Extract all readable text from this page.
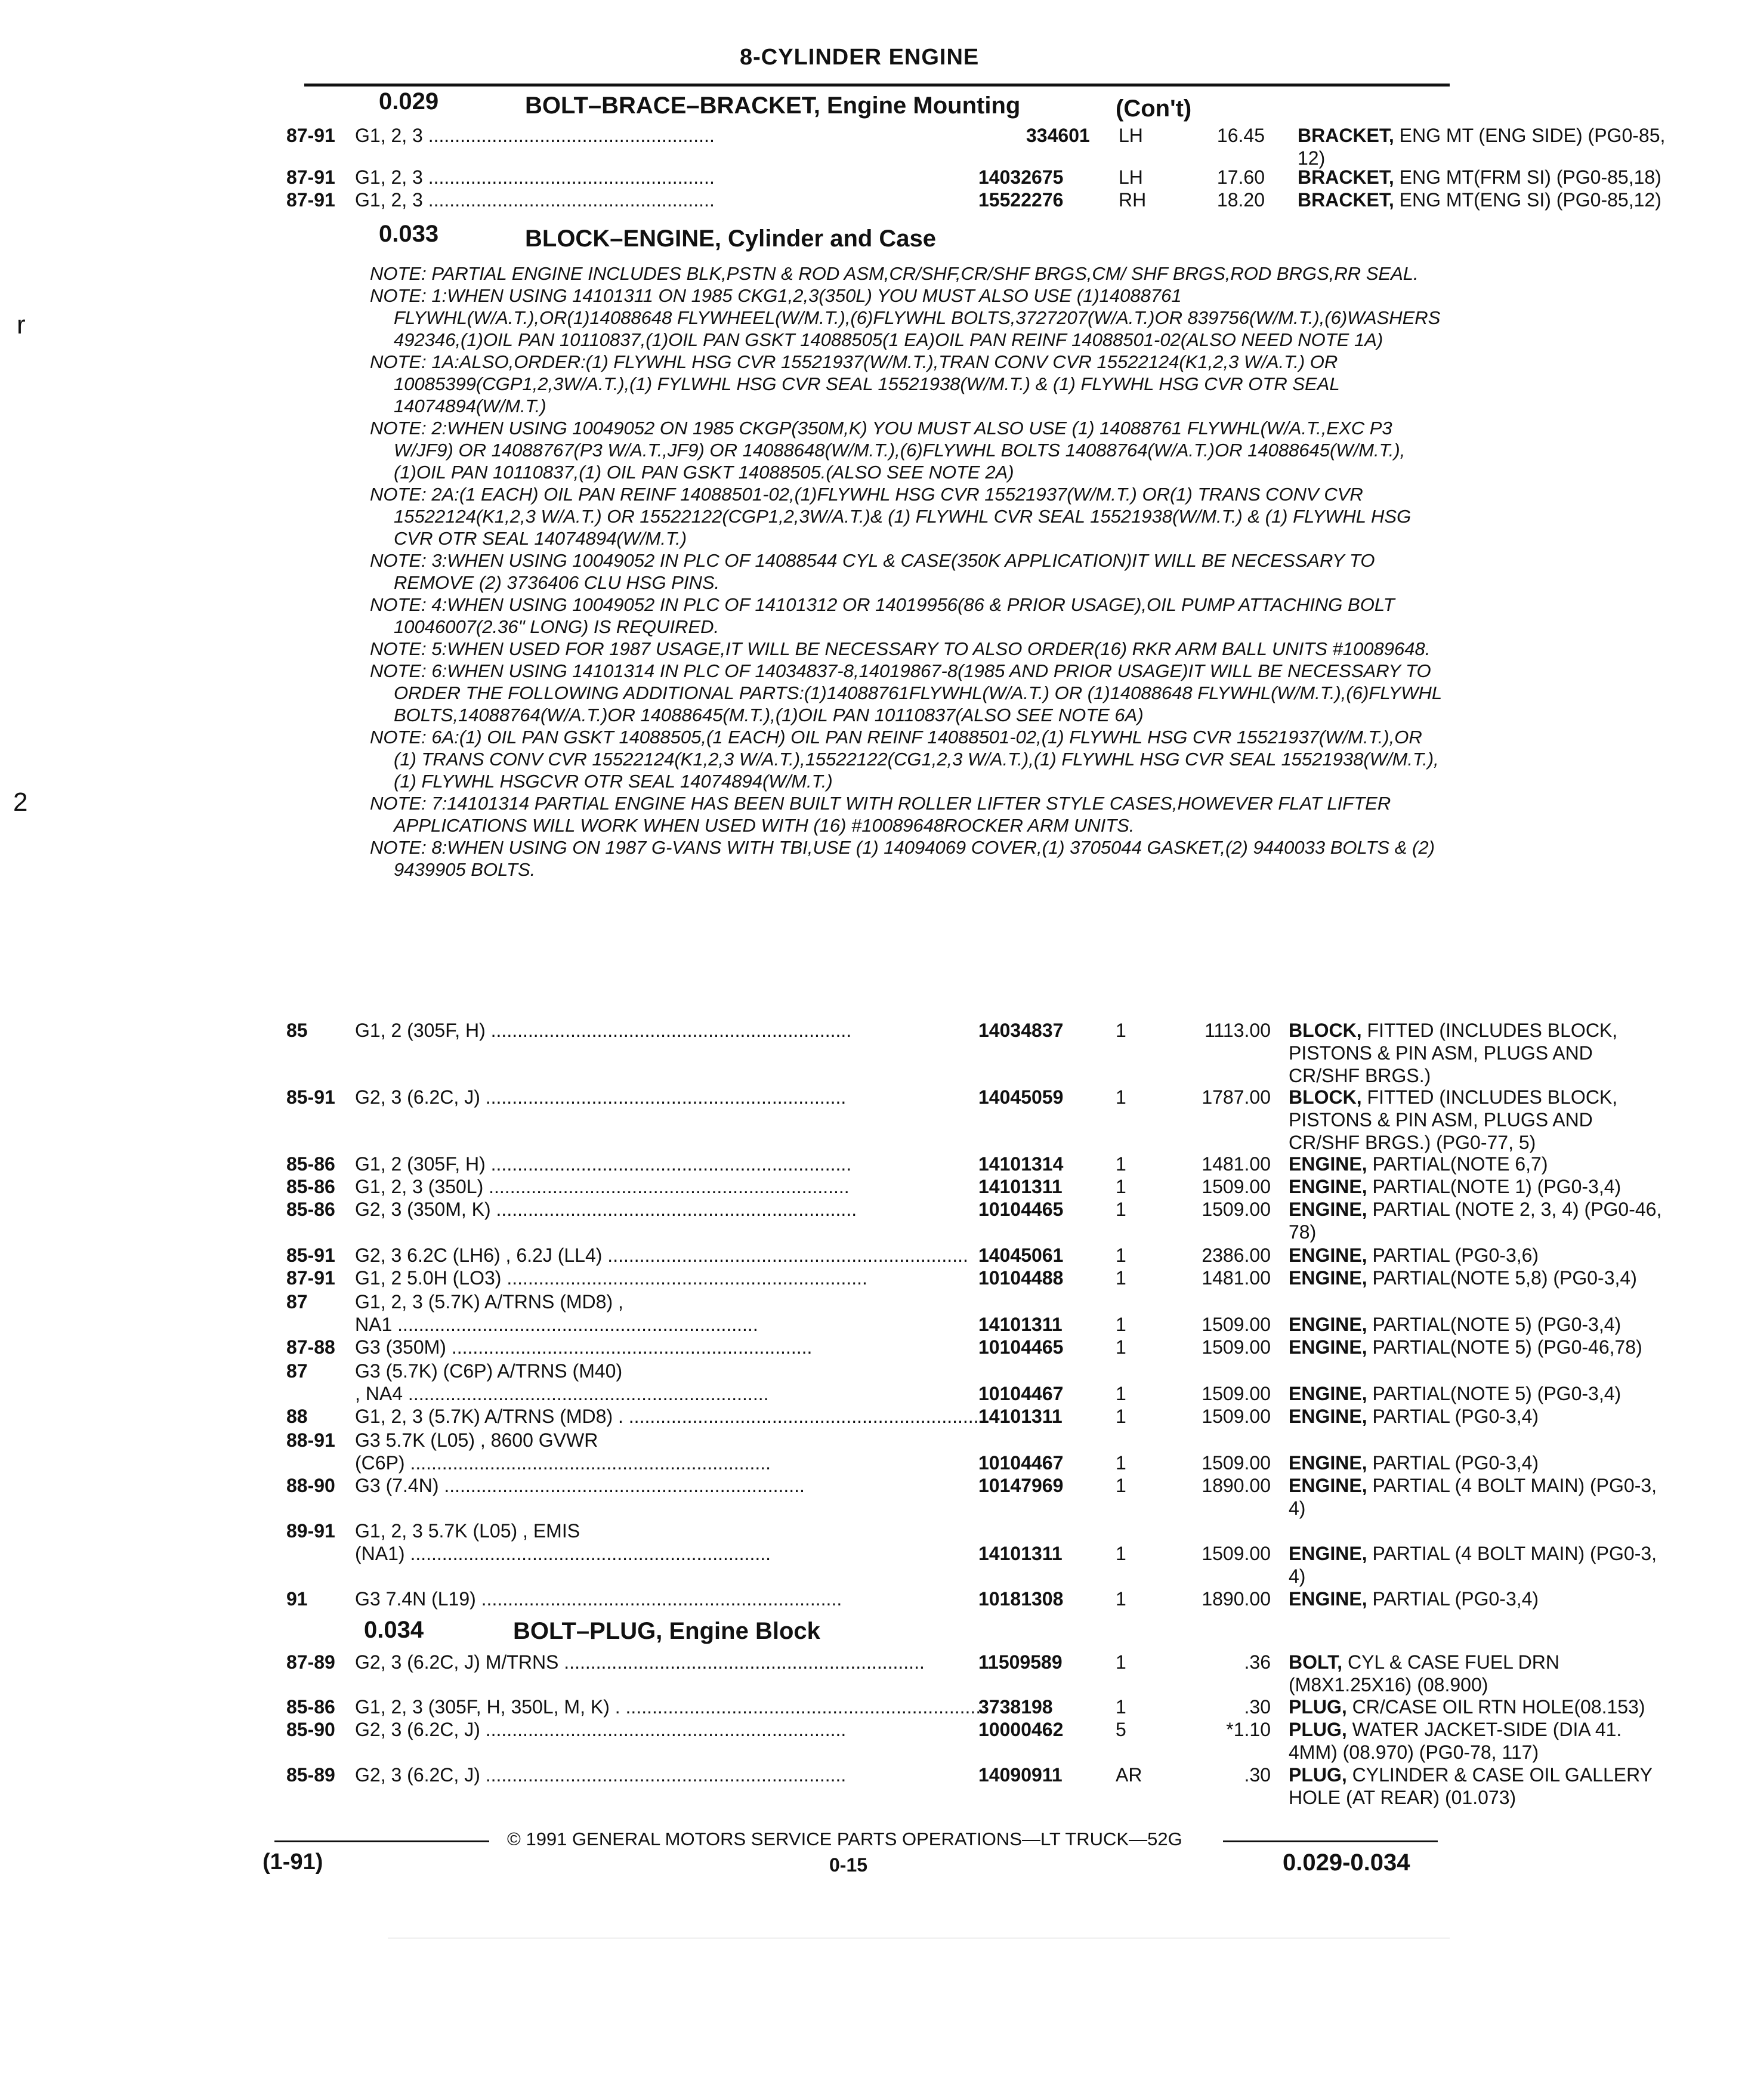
8-CYLINDER ENGINE
r
2
0.029	BOLT–BRACE–BRACKET, Engine Mounting	(Con't)
87-91 G1, 2, 3 ......................................................	334601 LH	16.45 BRACKET, ENG MT (ENG SIDE) (PG0-85,
12)
87-91 G1, 2, 3 ......................................................	14032675	LH	17.60 BRACKET, ENG MT(FRM SI) (PG0-85,18)
87-91 G1, 2, 3 ......................................................	15522276	RH	18.20 BRACKET, ENG MT(ENG SI) (PG0-85,12)
0.033	BLOCK–ENGINE, Cylinder and Case
NOTE: PARTIAL ENGINE INCLUDES BLK,PSTN & ROD ASM,CR/SHF,CR/SHF BRGS,CM/ SHF BRGS,ROD BRGS,RR SEAL.
NOTE: 1:WHEN USING 14101311 ON 1985 CKG1,2,3(350L) YOU MUST ALSO USE (1)14088761 FLYWHL(W/A.T.),OR(1)14088648 FLYWHEEL(W/M.T.),(6)FLYWHL BOLTS,3727207(W/A.T.)OR 839756(W/M.T.),(6)WASHERS 492346,(1)OIL PAN 10110837,(1)OIL PAN GSKT 14088505(1 EA)OIL PAN REINF 14088501-02(ALSO NEED NOTE 1A)
NOTE: 1A:ALSO,ORDER:(1) FLYWHL HSG CVR 15521937(W/M.T.),TRAN CONV CVR 15522124(K1,2,3 W/A.T.) OR 10085399(CGP1,2,3W/A.T.),(1) FYLWHL HSG CVR SEAL 15521938(W/M.T.) & (1) FLYWHL HSG CVR OTR SEAL 14074894(W/M.T.)
NOTE: 2:WHEN USING 10049052 ON 1985 CKGP(350M,K) YOU MUST ALSO USE (1) 14088761 FLYWHL(W/A.T.,EXC P3 W/JF9) OR 14088767(P3 W/A.T.,JF9) OR 14088648(W/M.T.),(6)FLYWHL BOLTS 14088764(W/A.T.)OR 14088645(W/M.T.),(1)OIL PAN 10110837,(1) OIL PAN GSKT 14088505.(ALSO SEE NOTE 2A)
NOTE: 2A:(1 EACH) OIL PAN REINF 14088501-02,(1)FLYWHL HSG CVR 15521937(W/M.T.) OR(1) TRANS CONV CVR 15522124(K1,2,3 W/A.T.) OR 15522122(CGP1,2,3W/A.T.)& (1) FLYWHL CVR SEAL 15521938(W/M.T.) & (1) FLYWHL HSG CVR OTR SEAL 14074894(W/M.T.)
NOTE: 3:WHEN USING 10049052 IN PLC OF 14088544 CYL & CASE(350K APPLICATION)IT WILL BE NECESSARY TO REMOVE (2) 3736406 CLU HSG PINS.
NOTE: 4:WHEN USING 10049052 IN PLC OF 14101312 OR 14019956(86 & PRIOR USAGE),OIL PUMP ATTACHING BOLT 10046007(2.36" LONG) IS REQUIRED.
NOTE: 5:WHEN USED FOR 1987 USAGE,IT WILL BE NECESSARY TO ALSO ORDER(16) RKR ARM BALL UNITS #10089648.
NOTE: 6:WHEN USING 14101314 IN PLC OF 14034837-8,14019867-8(1985 AND PRIOR USAGE)IT WILL BE NECESSARY TO ORDER THE FOLLOWING ADDITIONAL PARTS:(1)14088761FLYWHL(W/A.T.) OR (1)14088648 FLYWHL(W/M.T.),(6)FLYWHL BOLTS,14088764(W/A.T.)OR 14088645(M.T.),(1)OIL PAN 10110837(ALSO SEE NOTE 6A)
NOTE: 6A:(1) OIL PAN GSKT 14088505,(1 EACH) OIL PAN REINF 14088501-02,(1) FLYWHL HSG CVR 15521937(W/M.T.),OR (1) TRANS CONV CVR 15522124(K1,2,3 W/A.T.),15522122(CG1,2,3 W/A.T.),(1) FLYWHL HSG CVR SEAL 15521938(W/M.T.),(1) FLYWHL HSGCVR OTR SEAL 14074894(W/M.T.)
NOTE: 7:14101314 PARTIAL ENGINE HAS BEEN BUILT WITH ROLLER LIFTER STYLE CASES,HOWEVER FLAT LIFTER APPLICATIONS WILL WORK WHEN USED WITH (16) #10089648ROCKER ARM UNITS.
NOTE: 8:WHEN USING ON 1987 G-VANS WITH TBI,USE (1) 14094069 COVER,(1) 3705044 GASKET,(2) 9440033 BOLTS & (2) 9439905 BOLTS.
85 G1, 2 (305F, H) ....................................................................	14034837	1	1113.00 BLOCK, FITTED (INCLUDES BLOCK,
PISTONS & PIN ASM, PLUGS AND
CR/SHF BRGS.)
85-91 G2, 3 (6.2C, J) ....................................................................	14045059	1	1787.00 BLOCK, FITTED (INCLUDES BLOCK,
PISTONS & PIN ASM, PLUGS AND
CR/SHF BRGS.) (PG0-77, 5)
85-86 G1, 2 (305F, H) ....................................................................	14101314	1	1481.00 ENGINE, PARTIAL(NOTE 6,7)
85-86 G1, 2, 3 (350L) ....................................................................	14101311	1	1509.00 ENGINE, PARTIAL(NOTE 1) (PG0-3,4)
85-86 G2, 3 (350M, K) ....................................................................	10104465	1	1509.00 ENGINE, PARTIAL (NOTE 2, 3, 4) (PG0-46,
78)
85-91 G2, 3 6.2C (LH6) , 6.2J (LL4) .................................................................... 14045061	1	2386.00 ENGINE, PARTIAL (PG0-3,6)
87-91 G1, 2 5.0H (LO3) ....................................................................	10104488	1	1481.00 ENGINE, PARTIAL(NOTE 5,8) (PG0-3,4)
87 G1, 2, 3 (5.7K) A/TRNS (MD8) ,
NA1 ....................................................................	14101311	1	1509.00 ENGINE, PARTIAL(NOTE 5) (PG0-3,4)
87-88 G3 (350M) ....................................................................	10104465	1	1509.00 ENGINE, PARTIAL(NOTE 5) (PG0-46,78)
87 G3 (5.7K) (C6P) A/TRNS (M40)
, NA4 ....................................................................	10104467	1	1509.00 ENGINE, PARTIAL(NOTE 5) (PG0-3,4)
88 G1, 2, 3 (5.7K) A/TRNS (MD8) . ....................................................................
14101311	1	1509.00 ENGINE, PARTIAL (PG0-3,4)
88-91 G3 5.7K (L05) , 8600 GVWR
(C6P) ....................................................................	10104467	1	1509.00 ENGINE, PARTIAL (PG0-3,4)
88-90 G3 (7.4N) ....................................................................	10147969	1	1890.00 ENGINE, PARTIAL (4 BOLT MAIN) (PG0-3,
4)
89-91 G1, 2, 3 5.7K (L05) , EMIS
(NA1) ....................................................................	14101311	1	1509.00 ENGINE, PARTIAL (4 BOLT MAIN) (PG0-3,
4)
91 G3 7.4N (L19) ....................................................................	10181308	1	1890.00 ENGINE, PARTIAL (PG0-3,4)
0.034	BOLT–PLUG, Engine Block
87-89 G2, 3 (6.2C, J) M/TRNS ....................................................................	11509589	1	.36 BOLT, CYL & CASE FUEL DRN
(M8X1.25X16) (08.900)
85-86 G1, 2, 3 (305F, H, 350L, M, K) . ....................................................................
3738198	1	.30 PLUG, CR/CASE OIL RTN HOLE(08.153)
85-90 G2, 3 (6.2C, J) ....................................................................	10000462	5	*1.10 PLUG, WATER JACKET-SIDE (DIA 41.
4MM) (08.970) (PG0-78, 117)
85-89 G2, 3 (6.2C, J) ....................................................................	14090911	AR	.30 PLUG, CYLINDER & CASE OIL GALLERY
HOLE (AT REAR) (01.073)
© 1991 GENERAL MOTORS SERVICE PARTS OPERATIONS—LT TRUCK—52G
(1-91)	0-15	0.029-0.034
